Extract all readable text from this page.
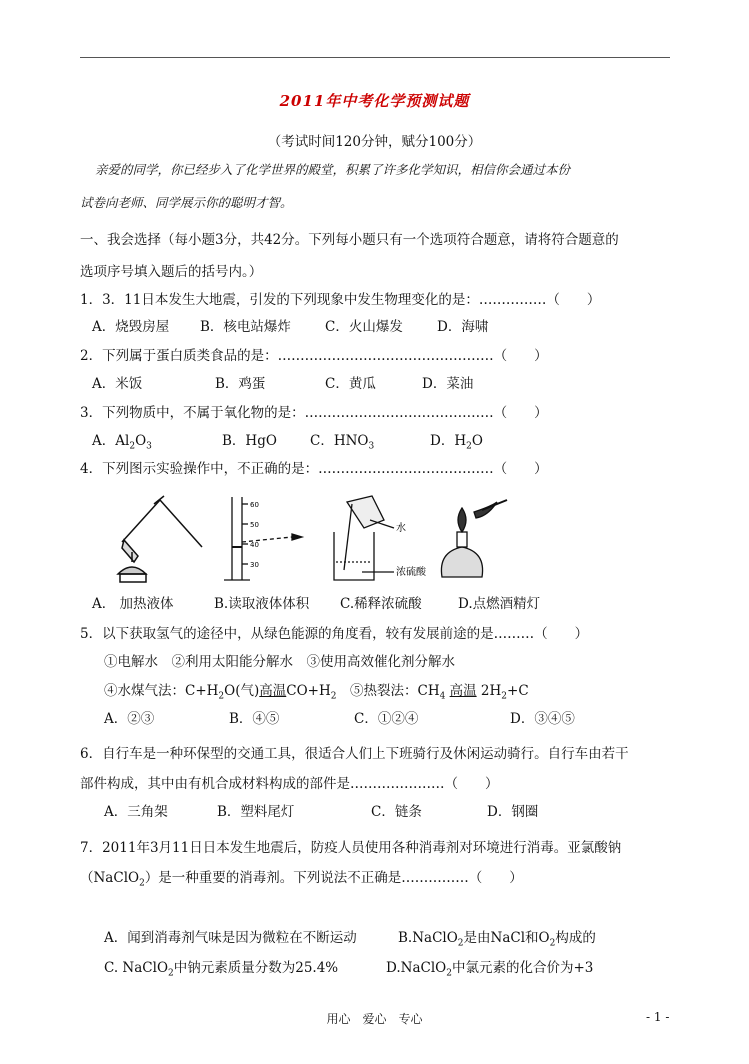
2011年中考化学预测试题
（考试时间120分钟，赋分100分）
亲爱的同学，你已经步入了化学世界的殿堂，积累了许多化学知识，相信你会通过本份
试卷向老师、同学展示你的聪明才智。
一、我会选择（每小题3分，共42分。下列每小题只有一个选项符合题意，请将符合题意的
选项序号填入题后的括号内。）
1．3．11日本发生大地震，引发的下列现象中发生物理变化的是：……………（　　）
A．烧毁房屋 B．核电站爆炸	C．火山爆发	D．海啸
2．下列属于蛋白质类食品的是：…………………………………………（　　）
A．米饭	B．鸡蛋	C．黄瓜	D．菜油
3．下列物质中，不属于氧化物的是：……………………………………（　　）
A．$Al_2O_3$	B．HgO C．$HNO_3$	D．$H_2O$
4．下列图示实验操作中，不正确的是：…………………………………（　　）
60
50
40
30
水
浓硫酸
A． 加热液体	B.读取液体体积 C.稀释浓硫酸	D.点燃酒精灯
5．以下获取氢气的途径中，从绿色能源的角度看，较有发展前途的是………（　　）
①电解水　②利用太阳能分解水　③使用高效催化剂分解水
④水煤气法：$C+H_2O$(气)高温$CO+H_2$　⑤热裂法：$CH_4$ 高温 $2H_2+C$
A．②③	B．④⑤	C．①②④	D．③④⑤
6．自行车是一种环保型的交通工具，很适合人们上下班骑行及休闲运动骑行。自行车由若干
部件构成，其中由有机合成材料构成的部件是…………………（　　）
A．三角架	B．塑料尾灯	C．链条	D．钢圈
7．2011年3月11日日本发生地震后，防疫人员使用各种消毒剂对环境进行消毒。亚氯酸钠
（NaClO$_2$）是一种重要的消毒剂。下列说法不正确是……………（　　）
A．闻到消毒剂气味是因为微粒在不断运动	B.NaClO$_2$是由NaCl和$O_2$构成的
C. NaClO$_2$中钠元素质量分数为25.4%	D.NaClO$_2$中氯元素的化合价为+3
用心　爱心　专心	- 1 -
